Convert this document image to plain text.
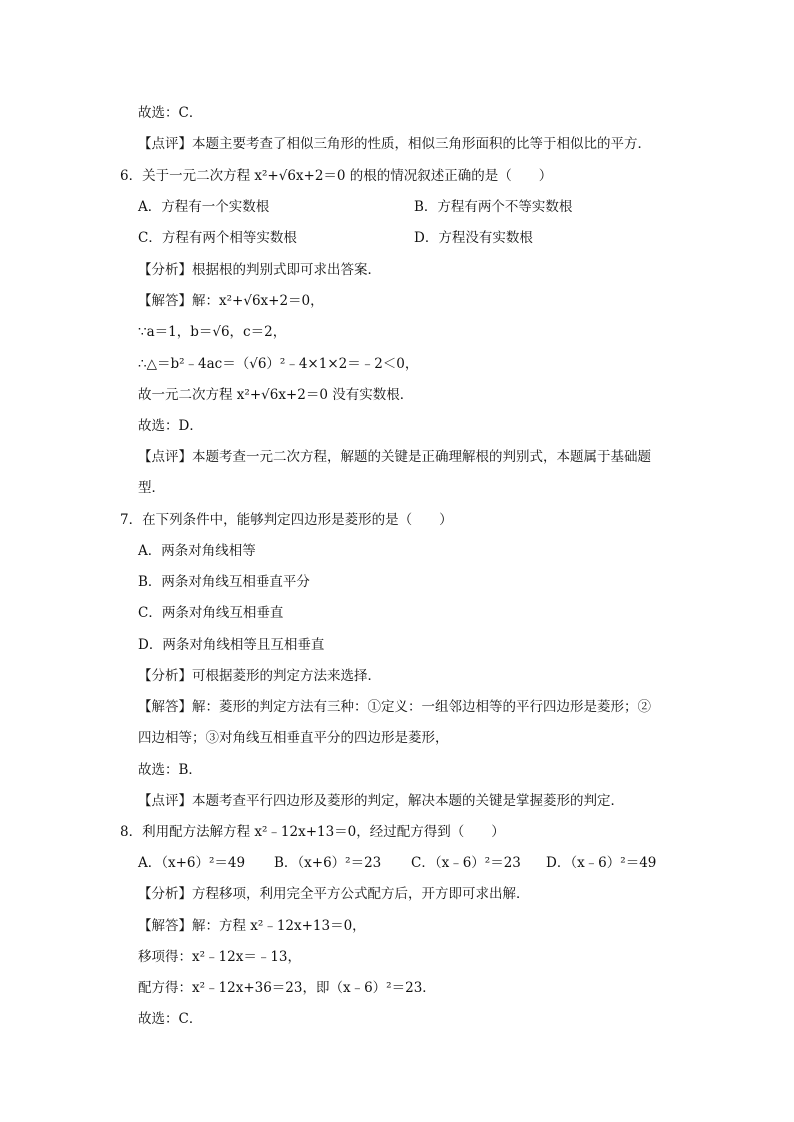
故选：C．
【点评】本题主要考查了相似三角形的性质，相似三角形面积的比等于相似比的平方．
6．关于一元二次方程 x²+√6x+2＝0 的根的情况叙述正确的是（　　）
A．方程有一个实数根	B．方程有两个不等实数根
C．方程有两个相等实数根	D．方程没有实数根
【分析】根据根的判别式即可求出答案．
【解答】解：x²+√6x+2＝0，
∵a＝1，b＝√6，c＝2，
∴△＝b²﹣4ac＝（√6）²﹣4×1×2＝﹣2＜0，
故一元二次方程 x²+√6x+2＝0 没有实数根．
故选：D．
【点评】本题考查一元二次方程，解题的关键是正确理解根的判别式，本题属于基础题
型．
7．在下列条件中，能够判定四边形是菱形的是（　　）
A．两条对角线相等
B．两条对角线互相垂直平分
C．两条对角线互相垂直
D．两条对角线相等且互相垂直
【分析】可根据菱形的判定方法来选择．
【解答】解：菱形的判定方法有三种：①定义：一组邻边相等的平行四边形是菱形；②
四边相等；③对角线互相垂直平分的四边形是菱形，
故选：B．
【点评】本题考查平行四边形及菱形的判定，解决本题的关键是掌握菱形的判定．
8．利用配方法解方程 x²﹣12x+13＝0，经过配方得到（　　）
A．（x+6）²＝49 B．（x+6）²＝23 C．（x﹣6）²＝23 D．（x﹣6）²＝49
【分析】方程移项，利用完全平方公式配方后，开方即可求出解．
【解答】解：方程 x²﹣12x+13＝0，
移项得：x²﹣12x＝﹣13，
配方得：x²﹣12x+36＝23，即（x﹣6）²＝23．
故选：C．
